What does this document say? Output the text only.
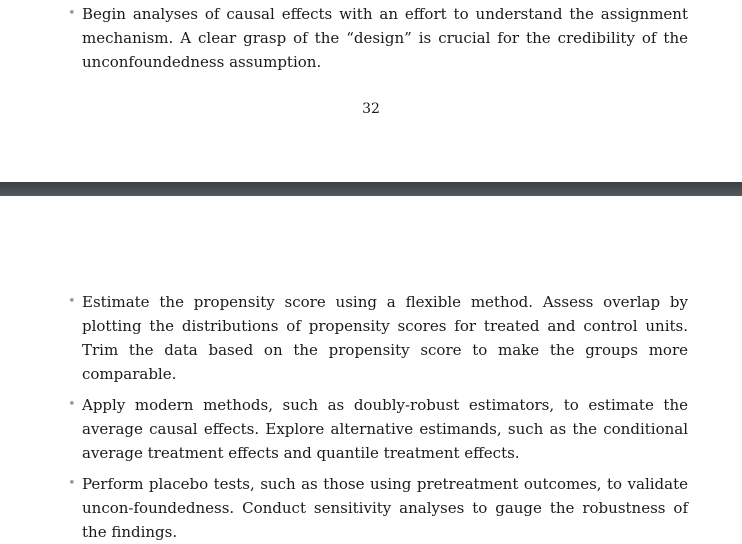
• Begin analyses of causal effects with an effort to understand the assignment mechanism. A clear grasp of the “design” is crucial for the credibility of the unconfoundedness assumption.
32
• Estimate the propensity score using a flexible method. Assess overlap by plotting the distributions of propensity scores for treated and control units. Trim the data based on the propensity score to make the groups more comparable.
• Apply modern methods, such as doubly-robust estimators, to estimate the average causal effects. Explore alternative estimands, such as the conditional average treatment effects and quantile treatment effects.
• Perform placebo tests, such as those using pretreatment outcomes, to validate uncon-foundedness. Conduct sensitivity analyses to gauge the robustness of the findings.
